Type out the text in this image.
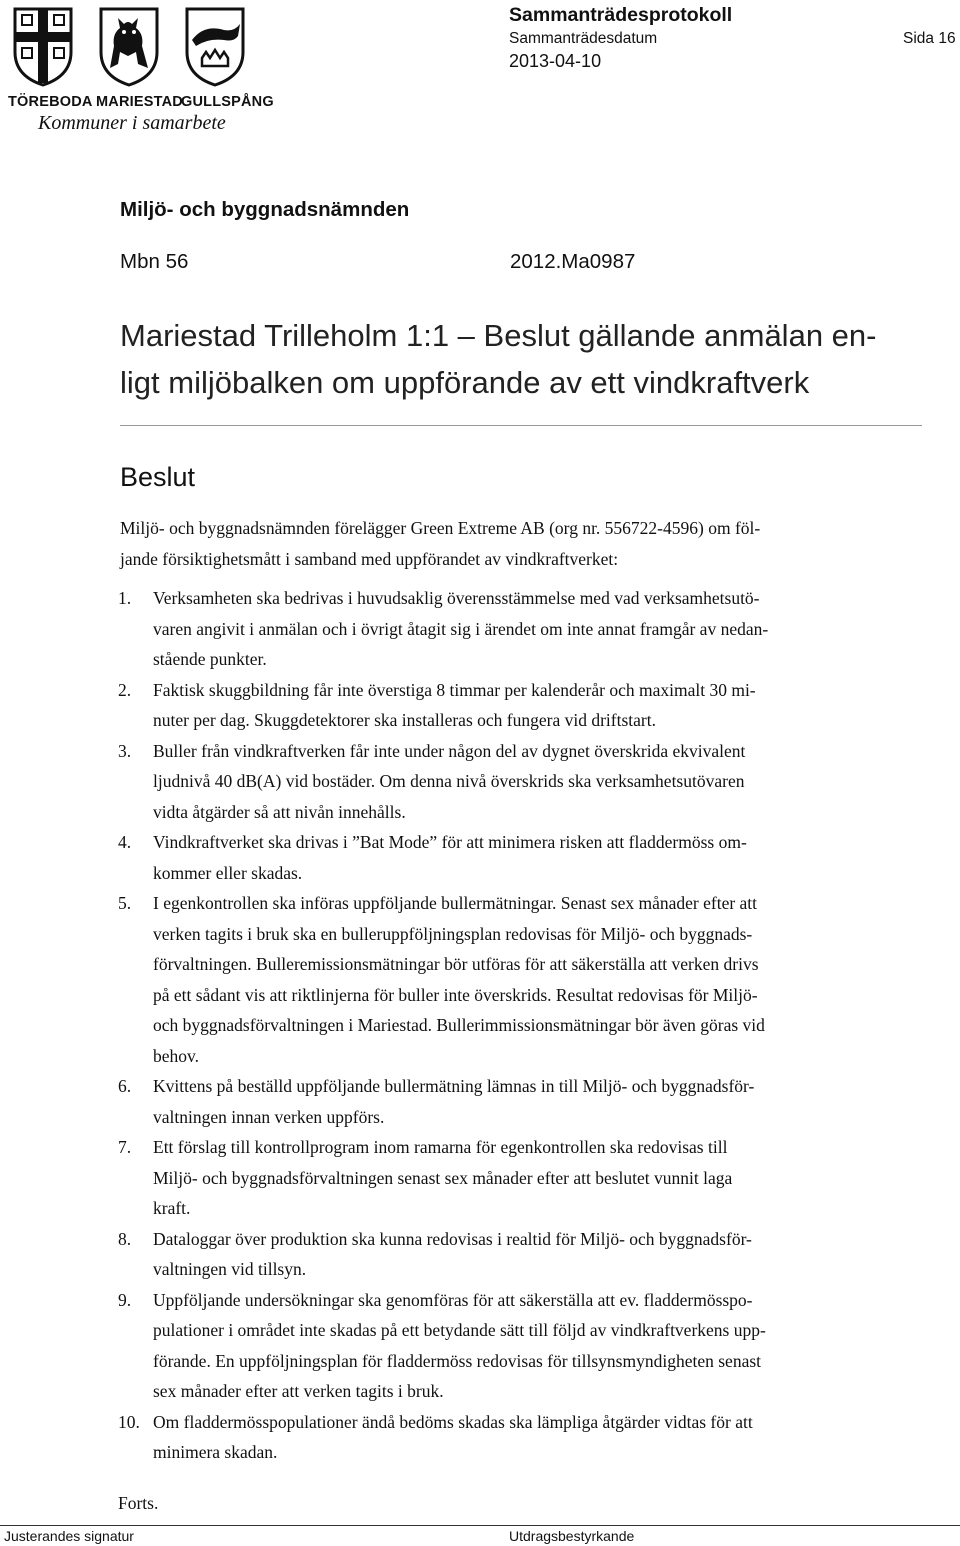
TÖREBODA MARIESTAD
GULLSPÅNG
Kommuner i samarbete
Sammanträdesprotokoll
Sammanträdesdatum	Sida 16
2013-04-10
Miljö- och byggnadsnämnden
Mbn 56	2012.Ma0987
Mariestad Trilleholm 1:1 – Beslut gällande anmälan en-
ligt miljöbalken om uppförande av ett vindkraftverk
Beslut
Miljö- och byggnadsnämnden förelägger Green Extreme AB (org nr. 556722-4596) om föl-
jande försiktighetsmått i samband med uppförandet av vindkraftverket:
1. Verksamheten ska bedrivas i huvudsaklig överensstämmelse med vad verksamhetsutö-
varen angivit i anmälan och i övrigt åtagit sig i ärendet om inte annat framgår av nedan-
stående punkter.
2. Faktisk skuggbildning får inte överstiga 8 timmar per kalenderår och maximalt 30 mi-
nuter per dag. Skuggdetektorer ska installeras och fungera vid driftstart.
3. Buller från vindkraftverken får inte under någon del av dygnet överskrida ekvivalent
ljudnivå 40 dB(A) vid bostäder. Om denna nivå överskrids ska verksamhetsutövaren
vidta åtgärder så att nivån innehålls.
4. Vindkraftverket ska drivas i ”Bat Mode” för att minimera risken att fladdermöss om-
kommer eller skadas.
5. I egenkontrollen ska införas uppföljande bullermätningar. Senast sex månader efter att
verken tagits i bruk ska en bulleruppföljningsplan redovisas för Miljö- och byggnads-
förvaltningen. Bulleremissionsmätningar bör utföras för att säkerställa att verken drivs
på ett sådant vis att riktlinjerna för buller inte överskrids. Resultat redovisas för Miljö-
och byggnadsförvaltningen i Mariestad. Bullerimmissionsmätningar bör även göras vid
behov.
6. Kvittens på beställd uppföljande bullermätning lämnas in till Miljö- och byggnadsför-
valtningen innan verken uppförs.
7. Ett förslag till kontrollprogram inom ramarna för egenkontrollen ska redovisas till
Miljö- och byggnadsförvaltningen senast sex månader efter att beslutet vunnit laga
kraft.
8. Dataloggar över produktion ska kunna redovisas i realtid för Miljö- och byggnadsför-
valtningen vid tillsyn.
9. Uppföljande undersökningar ska genomföras för att säkerställa att ev. fladdermösspo-
pulationer i området inte skadas på ett betydande sätt till följd av vindkraftverkens upp-
förande. En uppföljningsplan för fladdermöss redovisas för tillsynsmyndigheten senast
sex månader efter att verken tagits i bruk.
10. Om fladdermösspopulationer ändå bedöms skadas ska lämpliga åtgärder vidtas för att
minimera skadan.
Forts.
Justerandes signatur	Utdragsbestyrkande
